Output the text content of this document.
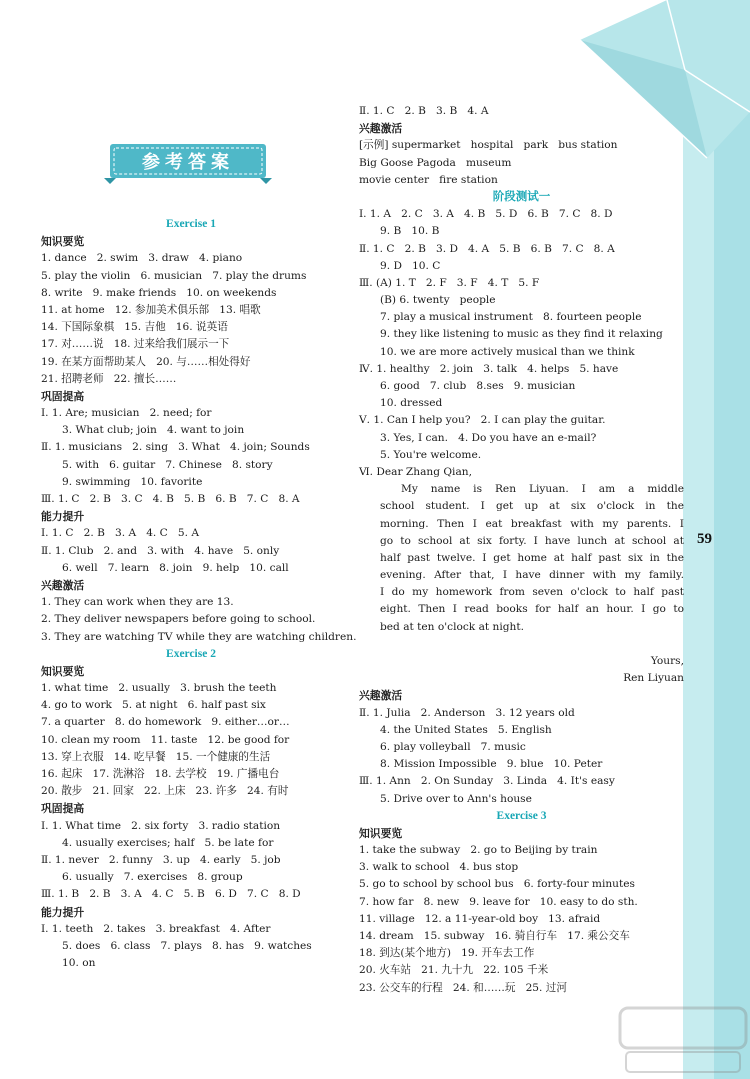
参考答案
59
Exercise 1
知识要览
1. dance   2. swim   3. draw   4. piano
5. play the violin   6. musician   7. play the drums
8. write   9. make friends   10. on weekends
11. at home   12. 参加美术俱乐部   13. 唱歌
14. 下国际象棋   15. 吉他   16. 说英语
17. 对……说   18. 过来给我们展示一下
19. 在某方面帮助某人   20. 与……相处得好
21. 招聘老师   22. 擅长……
巩固提高
Ⅰ. 1. Are; musician   2. need; for
3. What club; join   4. want to join
Ⅱ. 1. musicians   2. sing   3. What   4. join; Sounds
5. with   6. guitar   7. Chinese   8. story
9. swimming   10. favorite
Ⅲ. 1. C   2. B   3. C   4. B   5. B   6. B   7. C   8. A
能力提升
Ⅰ. 1. C   2. B   3. A   4. C   5. A
Ⅱ. 1. Club   2. and   3. with   4. have   5. only
6. well   7. learn   8. join   9. help   10. call
兴趣激活
1. They can work when they are 13.
2. They deliver newspapers before going to school.
3. They are watching TV while they are watching children.
Exercise 2
知识要览
1. what time   2. usually   3. brush the teeth
4. go to work   5. at night   6. half past six
7. a quarter   8. do homework   9. either…or…
10. clean my room   11. taste   12. be good for
13. 穿上衣服   14. 吃早餐   15. 一个健康的生活
16. 起床   17. 洗淋浴   18. 去学校   19. 广播电台
20. 散步   21. 回家   22. 上床   23. 许多   24. 有时
巩固提高
Ⅰ. 1. What time   2. six forty   3. radio station
4. usually exercises; half   5. be late for
Ⅱ. 1. never   2. funny   3. up   4. early   5. job
6. usually   7. exercises   8. group
Ⅲ. 1. B   2. B   3. A   4. C   5. B   6. D   7. C   8. D
能力提升
Ⅰ. 1. teeth   2. takes   3. breakfast   4. After
5. does   6. class   7. plays   8. has   9. watches
10. on
Ⅱ. 1. C   2. B   3. B   4. A
兴趣激活
[示例] supermarket   hospital   park   bus station
Big Goose Pagoda   museum
movie center   fire station
阶段测试一
Ⅰ. 1. A   2. C   3. A   4. B   5. D   6. B   7. C   8. D
9. B   10. B
Ⅱ. 1. C   2. B   3. D   4. A   5. B   6. B   7. C   8. A
9. D   10. C
Ⅲ. (A) 1. T   2. F   3. F   4. T   5. F
(B) 6. twenty   people
7. play a musical instrument   8. fourteen people
9. they like listening to music as they find it relaxing
10. we are more actively musical than we think
Ⅳ. 1. healthy   2. join   3. talk   4. helps   5. have
6. good   7. club   8.ses   9. musician
10. dressed
Ⅴ. 1. Can I help you?   2. I can play the guitar.
3. Yes, I can.   4. Do you have an e-mail?
5. You're welcome.
Ⅵ. Dear Zhang Qian,
My name is Ren Liyuan. I am a middle
school student. I get up at six o'clock in the
morning. Then I eat breakfast with my parents. I
go to school at six forty. I have lunch at school at
half past twelve. I get home at half past six in the
evening. After that, I have dinner with my family.
I do my homework from seven o'clock to half past
eight. Then I read books for half an hour. I go to
bed at ten o'clock at night.
Yours,
Ren Liyuan
兴趣激活
Ⅱ. 1. Julia   2. Anderson   3. 12 years old
4. the United States   5. English
6. play volleyball   7. music
8. Mission Impossible   9. blue   10. Peter
Ⅲ. 1. Ann   2. On Sunday   3. Linda   4. It's easy
5. Drive over to Ann's house
Exercise 3
知识要览
1. take the subway   2. go to Beijing by train
3. walk to school   4. bus stop
5. go to school by school bus   6. forty-four minutes
7. how far   8. new   9. leave for   10. easy to do sth.
11. village   12. a 11-year-old boy   13. afraid
14. dream   15. subway   16. 骑自行车   17. 乘公交车
18. 到达(某个地方)   19. 开车去工作
20. 火车站   21. 九十九   22. 105 千米
23. 公交车的行程   24. 和……玩   25. 过河
